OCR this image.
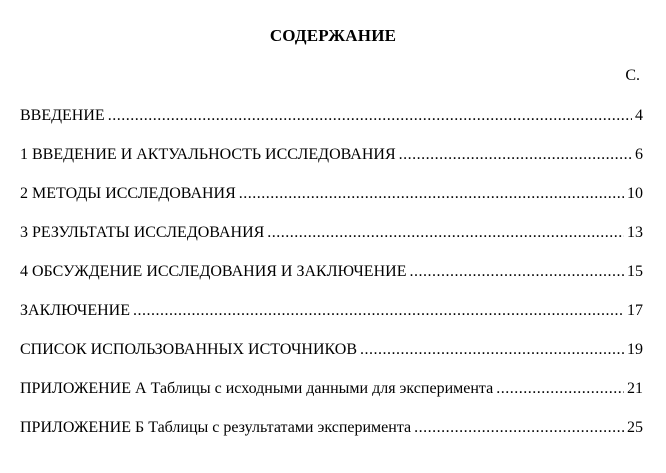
СОДЕРЖАНИЕ
С.
ВВЕДЕНИЕ .....	4
1 ВВЕДЕНИЕ И АКТУАЛЬНОСТЬ ИССЛЕДОВАНИЯ .....	6
2 МЕТОДЫ ИССЛЕДОВАНИЯ .....	10
3 РЕЗУЛЬТАТЫ ИССЛЕДОВАНИЯ .....	13
4 ОБСУЖДЕНИЕ ИССЛЕДОВАНИЯ И ЗАКЛЮЧЕНИЕ .....	15
ЗАКЛЮЧЕНИЕ .....	17
СПИСОК ИСПОЛЬЗОВАННЫХ ИСТОЧНИКОВ .....	19
ПРИЛОЖЕНИЕ А Таблицы с исходными данными для эксперимента .....	21
ПРИЛОЖЕНИЕ Б Таблицы с результатами эксперимента .....	25
